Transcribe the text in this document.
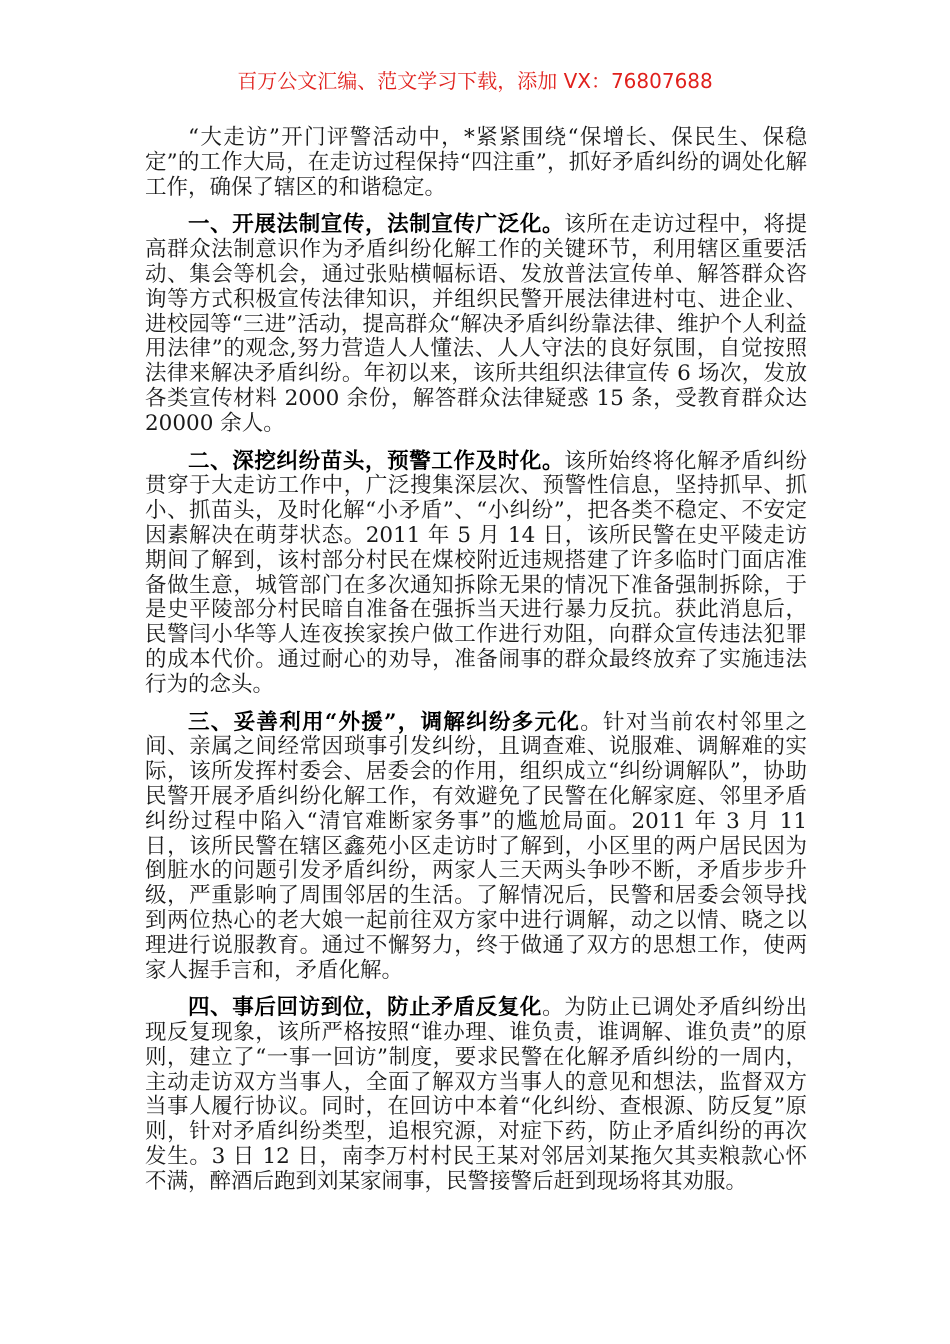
百万公文汇编、范文学习下载，添加 VX：76807688

“大走访”开门评警活动中，*紧紧围绕“保增长、保民生、保稳定”的工作大局，在走访过程保持“四注重”，抓好矛盾纠纷的调处化解工作，确保了辖区的和谐稳定。

一、开展法制宣传，法制宣传广泛化。该所在走访过程中，将提高群众法制意识作为矛盾纠纷化解工作的关键环节，利用辖区重要活动、集会等机会，通过张贴横幅标语、发放普法宣传单、解答群众咨询等方式积极宣传法律知识，并组织民警开展法律进村屯、进企业、进校园等“三进”活动，提高群众“解决矛盾纠纷靠法律、维护个人利益用法律”的观念,努力营造人人懂法、人人守法的良好氛围，自觉按照法律来解决矛盾纠纷。年初以来，该所共组织法律宣传 6 场次，发放各类宣传材料 2000 余份，解答群众法律疑惑 15 条，受教育群众达 20000 余人。

二、深挖纠纷苗头，预警工作及时化。该所始终将化解矛盾纠纷贯穿于大走访工作中，广泛搜集深层次、预警性信息，坚持抓早、抓小、抓苗头，及时化解“小矛盾”、“小纠纷”，把各类不稳定、不安定因素解决在萌芽状态。2011 年 5 月 14 日，该所民警在史平陵走访期间了解到，该村部分村民在煤校附近违规搭建了许多临时门面店准备做生意，城管部门在多次通知拆除无果的情况下准备强制拆除，于是史平陵部分村民暗自准备在强拆当天进行暴力反抗。获此消息后，民警闫小华等人连夜挨家挨户做工作进行劝阻，向群众宣传违法犯罪的成本代价。通过耐心的劝导，准备闹事的群众最终放弃了实施违法行为的念头。

三、妥善利用“外援”，调解纠纷多元化。针对当前农村邻里之间、亲属之间经常因琐事引发纠纷，且调查难、说服难、调解难的实际，该所发挥村委会、居委会的作用，组织成立“纠纷调解队”，协助民警开展矛盾纠纷化解工作，有效避免了民警在化解家庭、邻里矛盾纠纷过程中陷入“清官难断家务事”的尴尬局面。2011 年 3 月 11 日，该所民警在辖区鑫苑小区走访时了解到，小区里的两户居民因为倒脏水的问题引发矛盾纠纷，两家人三天两头争吵不断，矛盾步步升级，严重影响了周围邻居的生活。了解情况后，民警和居委会领导找到两位热心的老大娘一起前往双方家中进行调解，动之以情、晓之以理进行说服教育。通过不懈努力，终于做通了双方的思想工作，使两家人握手言和，矛盾化解。

四、事后回访到位，防止矛盾反复化。为防止已调处矛盾纠纷出现反复现象，该所严格按照“谁办理、谁负责，谁调解、谁负责”的原则，建立了“一事一回访”制度，要求民警在化解矛盾纠纷的一周内，主动走访双方当事人，全面了解双方当事人的意见和想法，监督双方当事人履行协议。同时，在回访中本着“化纠纷、查根源、防反复”原则，针对矛盾纠纷类型，追根究源，对症下药，防止矛盾纠纷的再次发生。3 日 12 日，南李万村村民王某对邻居刘某拖欠其卖粮款心怀不满，醉酒后跑到刘某家闹事，民警接警后赶到现场将其劝服。
